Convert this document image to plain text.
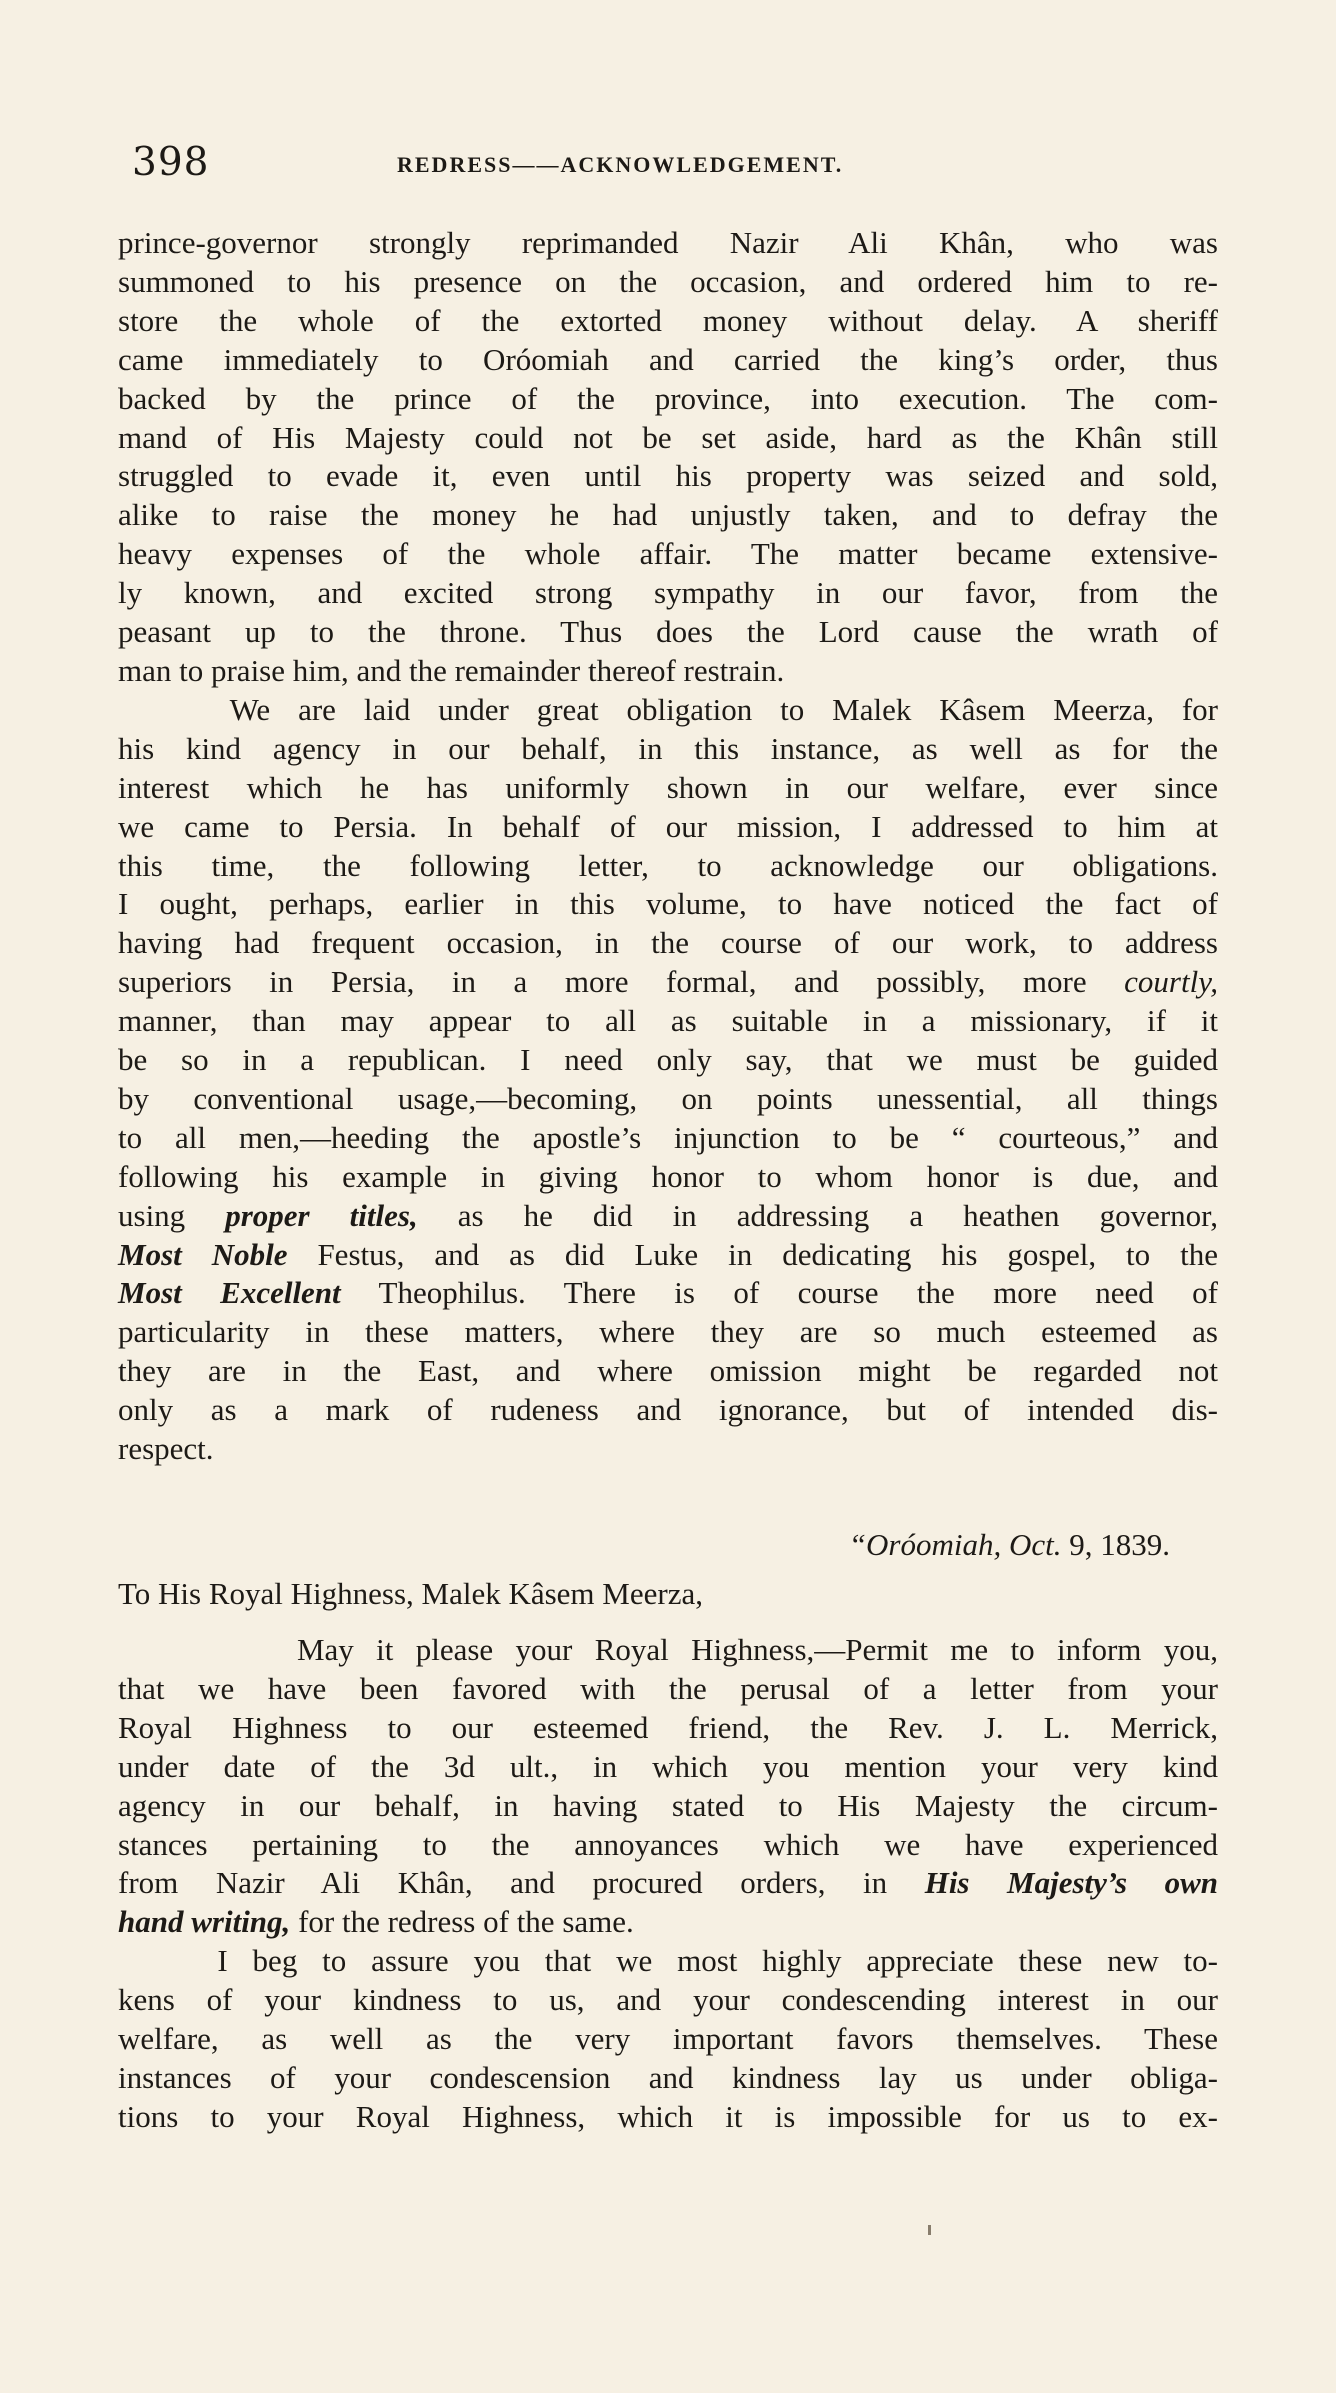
398	REDRESS——ACKNOWLEDGEMENT.

prince-governor strongly reprimanded Nazir Ali Khân, who was
summoned to his presence on the occasion, and ordered him to re-
store the whole of the extorted money without delay. A sheriff
came immediately to Oróomiah and carried the king’s order, thus
backed by the prince of the province, into execution. The com-
mand of His Majesty could not be set aside, hard as the Khân still
struggled to evade it, even until his property was seized and sold,
alike to raise the money he had unjustly taken, and to defray the
heavy expenses of the whole affair. The matter became extensive-
ly known, and excited strong sympathy in our favor, from the
peasant up to the throne. Thus does the Lord cause the wrath of
man to praise him, and the remainder thereof restrain.

We are laid under great obligation to Malek Kâsem Meerza, for
his kind agency in our behalf, in this instance, as well as for the
interest which he has uniformly shown in our welfare, ever since
we came to Persia. In behalf of our mission, I addressed to him at
this time, the following letter, to acknowledge our obligations.
I ought, perhaps, earlier in this volume, to have noticed the fact of
having had frequent occasion, in the course of our work, to address
superiors in Persia, in a more formal, and possibly, more courtly,
manner, than may appear to all as suitable in a missionary, if it
be so in a republican. I need only say, that we must be guided
by conventional usage,—becoming, on points unessential, all things
to all men,—heeding the apostle’s injunction to be “ courteous,” and
following his example in giving honor to whom honor is due, and
using proper titles, as he did in addressing a heathen governor,
Most Noble Festus, and as did Luke in dedicating his gospel, to the
Most Excellent Theophilus. There is of course the more need of
particularity in these matters, where they are so much esteemed as
they are in the East, and where omission might be regarded not
only as a mark of rudeness and ignorance, but of intended dis-
respect.

“Oróomiah, Oct. 9, 1839.
To His Royal Highness, Malek Kâsem Meerza,

May it please your Royal Highness,—Permit me to inform you,
that we have been favored with the perusal of a letter from your
Royal Highness to our esteemed friend, the Rev. J. L. Merrick,
under date of the 3d ult., in which you mention your very kind
agency in our behalf, in having stated to His Majesty the circum-
stances pertaining to the annoyances which we have experienced
from Nazir Ali Khân, and procured orders, in His Majesty’s own
hand writing, for the redress of the same.

I beg to assure you that we most highly appreciate these new to-
kens of your kindness to us, and your condescending interest in our
welfare, as well as the very important favors themselves. These
instances of your condescension and kindness lay us under obliga-
tions to your Royal Highness, which it is impossible for us to ex-
